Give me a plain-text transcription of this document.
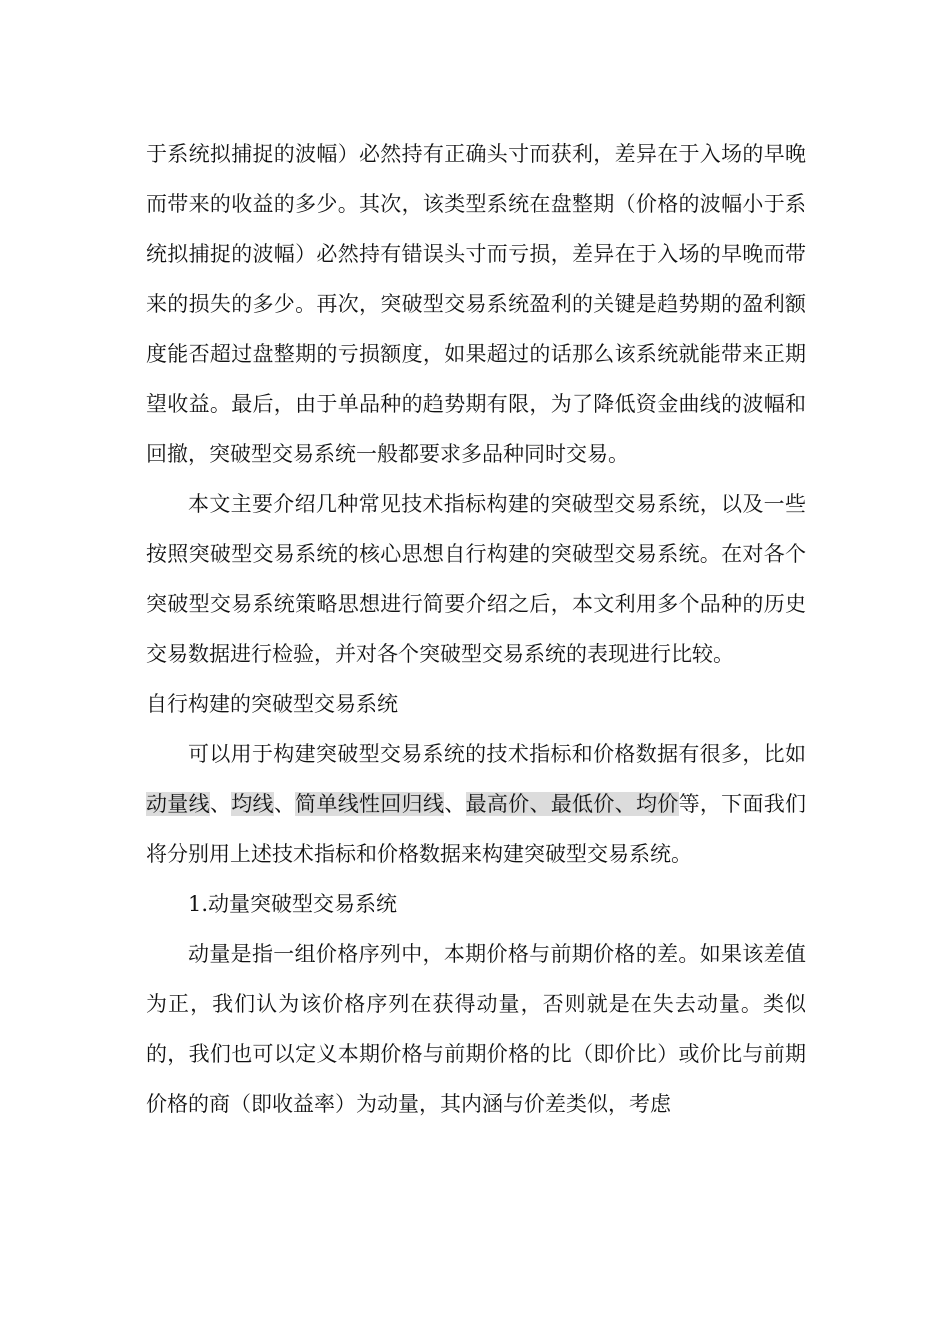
于系统拟捕捉的波幅）必然持有正确头寸而获利，差异在于入场的早晚而带来的收益的多少。其次，该类型系统在盘整期（价格的波幅小于系统拟捕捉的波幅）必然持有错误头寸而亏损，差异在于入场的早晚而带来的损失的多少。再次，突破型交易系统盈利的关键是趋势期的盈利额度能否超过盘整期的亏损额度，如果超过的话那么该系统就能带来正期望收益。最后，由于单品种的趋势期有限，为了降低资金曲线的波幅和回撤，突破型交易系统一般都要求多品种同时交易。

本文主要介绍几种常见技术指标构建的突破型交易系统，以及一些按照突破型交易系统的核心思想自行构建的突破型交易系统。在对各个突破型交易系统策略思想进行简要介绍之后，本文利用多个品种的历史交易数据进行检验，并对各个突破型交易系统的表现进行比较。

自行构建的突破型交易系统

可以用于构建突破型交易系统的技术指标和价格数据有很多，比如动量线、均线、简单线性回归线、最高价、最低价、均价等，下面我们将分别用上述技术指标和价格数据来构建突破型交易系统。

1.动量突破型交易系统

动量是指一组价格序列中，本期价格与前期价格的差。如果该差值为正，我们认为该价格序列在获得动量，否则就是在失去动量。类似的，我们也可以定义本期价格与前期价格的比（即价比）或价比与前期价格的商（即收益率）为动量，其内涵与价差类似，考虑
